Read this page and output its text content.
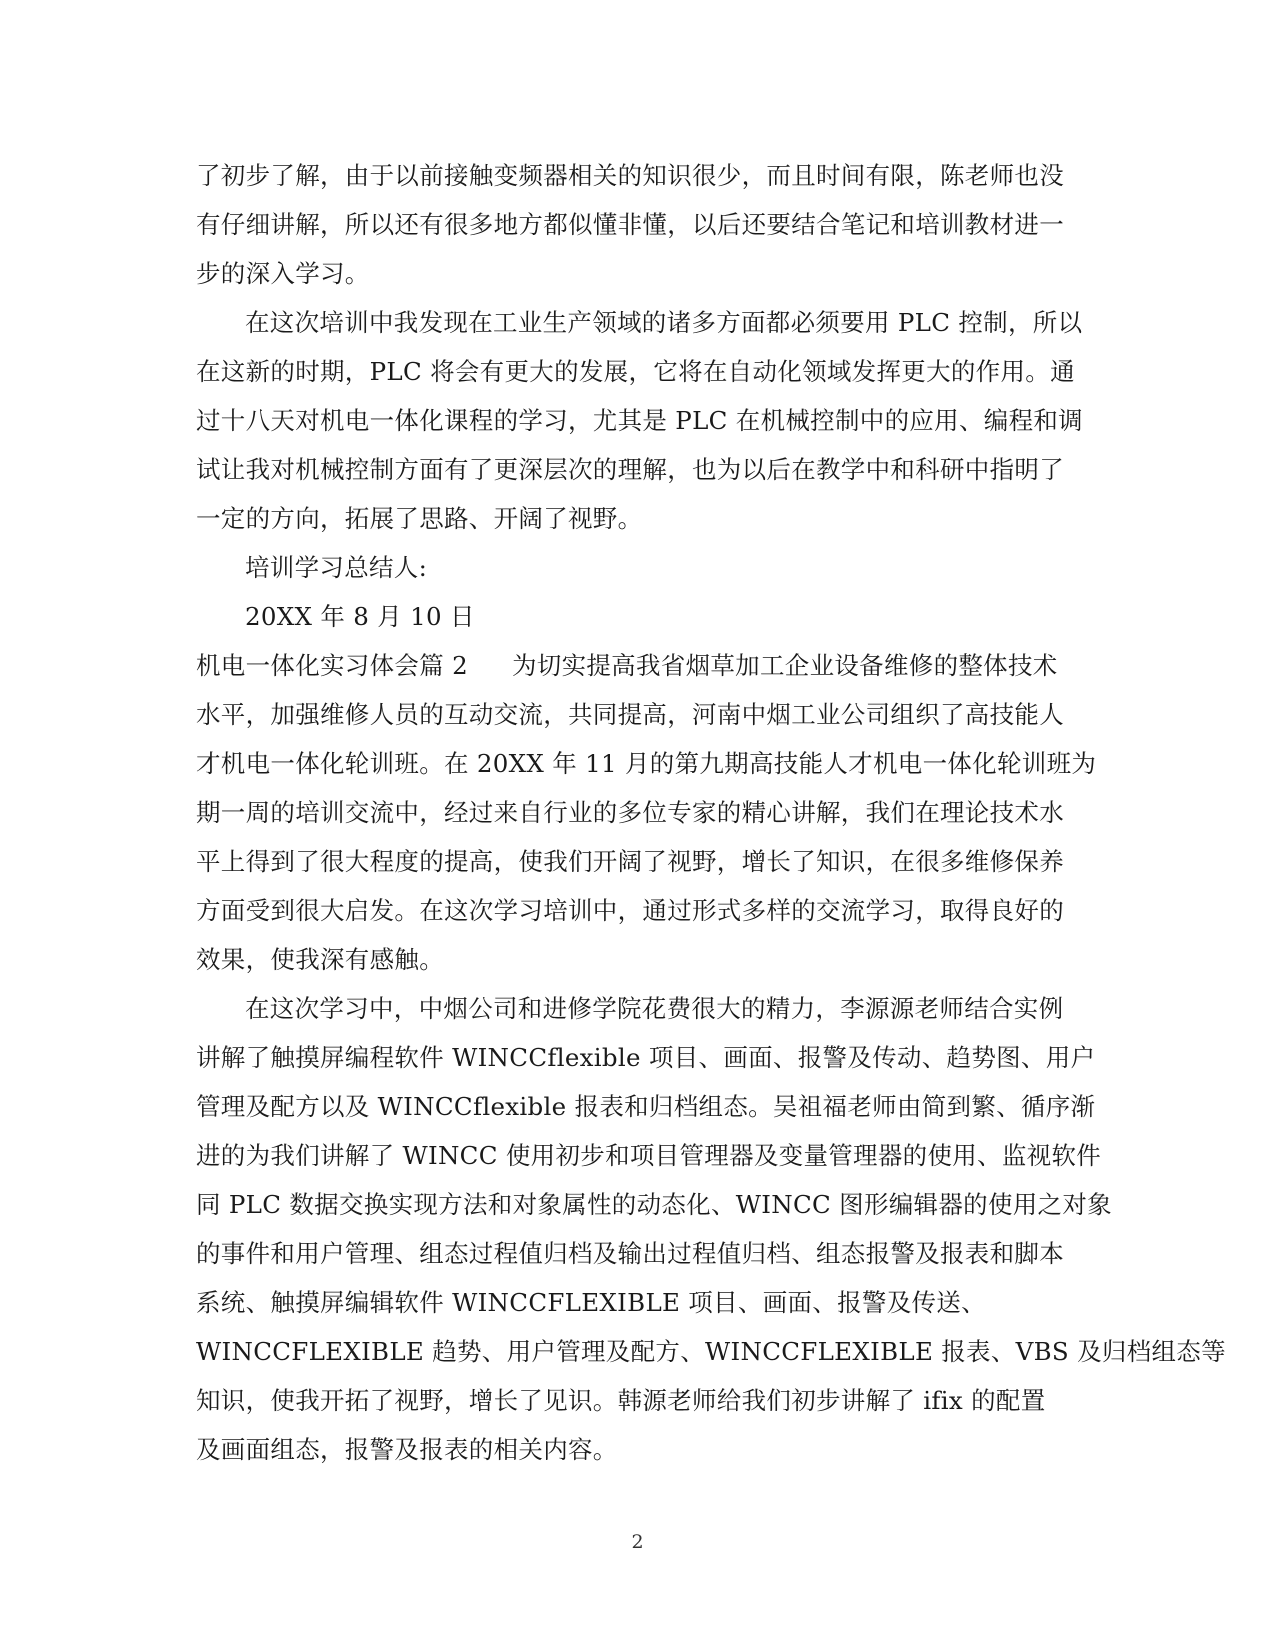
了初步了解，由于以前接触变频器相关的知识很少，而且时间有限，陈老师也没
有仔细讲解，所以还有很多地方都似懂非懂，以后还要结合笔记和培训教材进一
步的深入学习。
在这次培训中我发现在工业生产领域的诸多方面都必须要用 PLC 控制，所以
在这新的时期，PLC 将会有更大的发展，它将在自动化领域发挥更大的作用。通
过十八天对机电一体化课程的学习，尤其是 PLC 在机械控制中的应用、编程和调
试让我对机械控制方面有了更深层次的理解，也为以后在教学中和科研中指明了
一定的方向，拓展了思路、开阔了视野。
培训学习总结人:
20XX 年 8 月 10 日
机电一体化实习体会篇 2 为切实提高我省烟草加工企业设备维修的整体技术
水平，加强维修人员的互动交流，共同提高，河南中烟工业公司组织了高技能人
才机电一体化轮训班。在 20XX 年 11 月的第九期高技能人才机电一体化轮训班为
期一周的培训交流中，经过来自行业的多位专家的精心讲解，我们在理论技术水
平上得到了很大程度的提高，使我们开阔了视野，增长了知识，在很多维修保养
方面受到很大启发。在这次学习培训中，通过形式多样的交流学习，取得良好的
效果，使我深有感触。
在这次学习中，中烟公司和进修学院花费很大的精力，李源源老师结合实例
讲解了触摸屏编程软件 WINCCflexible 项目、画面、报警及传动、趋势图、用户
管理及配方以及 WINCCflexible 报表和归档组态。吴祖福老师由简到繁、循序渐
进的为我们讲解了 WINCC 使用初步和项目管理器及变量管理器的使用、监视软件
同 PLC 数据交换实现方法和对象属性的动态化、WINCC 图形编辑器的使用之对象
的事件和用户管理、组态过程值归档及输出过程值归档、组态报警及报表和脚本
系统、触摸屏编辑软件 WINCCFLEXIBLE 项目、画面、报警及传送、
WINCCFLEXIBLE 趋势、用户管理及配方、WINCCFLEXIBLE 报表、VBS 及归档组态等
知识，使我开拓了视野，增长了见识。韩源老师给我们初步讲解了 ifix 的配置
及画面组态，报警及报表的相关内容。
2
